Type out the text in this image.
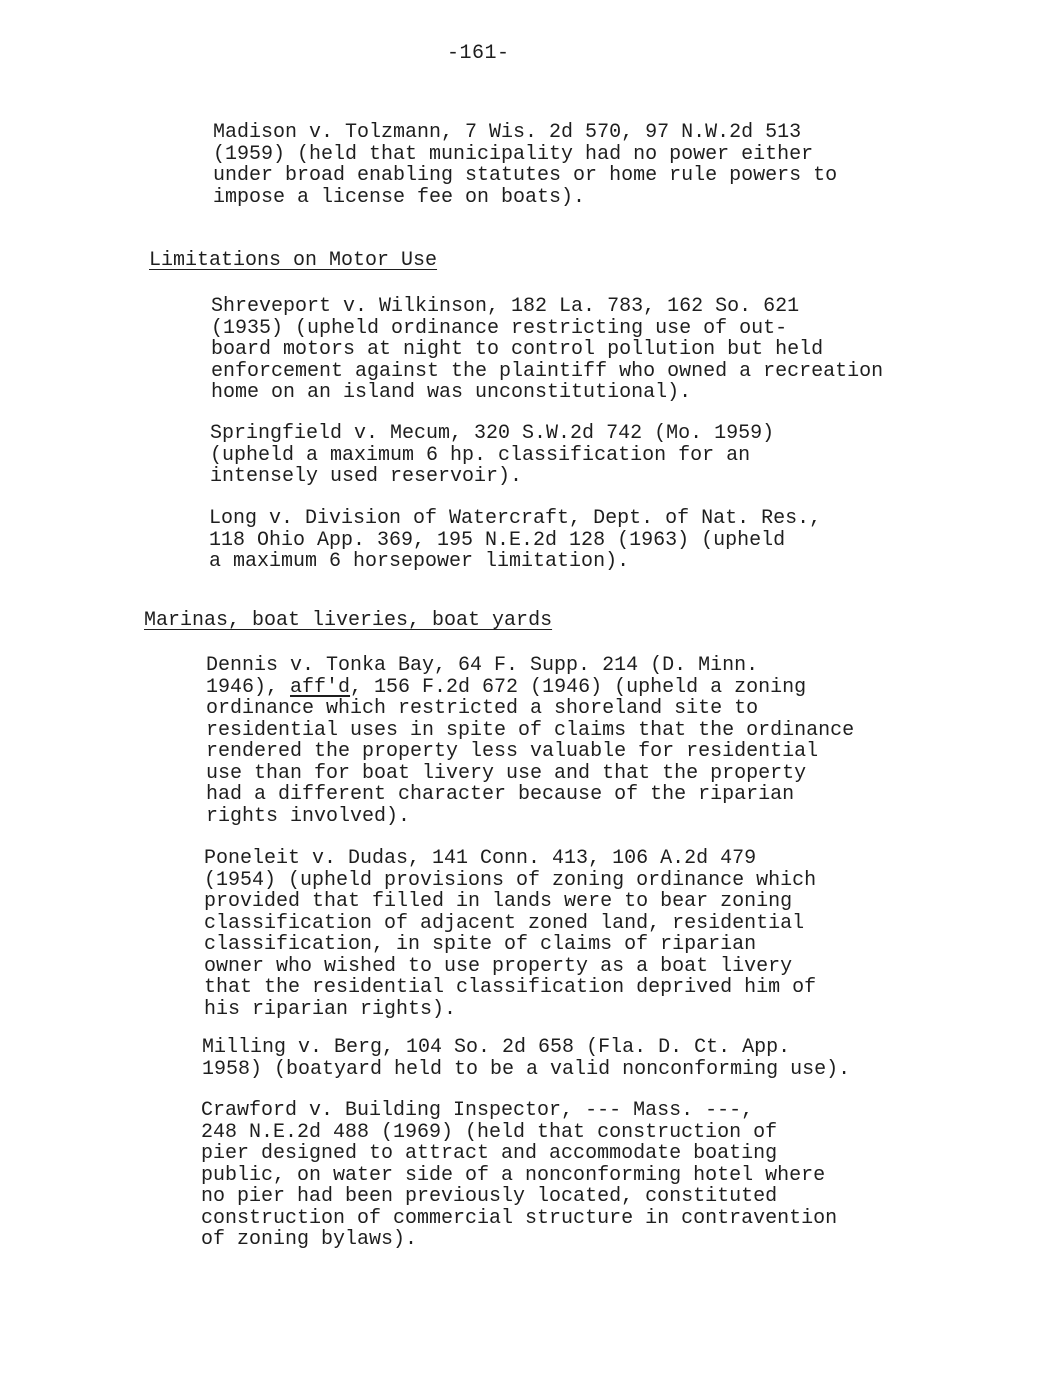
-161-
Madison v. Tolzmann, 7 Wis. 2d 570, 97 N.W.2d 513
(1959) (held that municipality had no power either
under broad enabling statutes or home rule powers to
impose a license fee on boats).
Limitations on Motor Use
Shreveport v. Wilkinson, 182 La. 783, 162 So. 621
(1935) (upheld ordinance restricting use of out-
board motors at night to control pollution but held
enforcement against the plaintiff who owned a recreation
home on an island was unconstitutional).
Springfield v. Mecum, 320 S.W.2d 742 (Mo. 1959)
(upheld a maximum 6 hp. classification for an
intensely used reservoir).
Long v. Division of Watercraft, Dept. of Nat. Res.,
118 Ohio App. 369, 195 N.E.2d 128 (1963) (upheld
a maximum 6 horsepower limitation).
Marinas, boat liveries, boat yards
Dennis v. Tonka Bay, 64 F. Supp. 214 (D. Minn.
1946), aff'd, 156 F.2d 672 (1946) (upheld a zoning
ordinance which restricted a shoreland site to
residential uses in spite of claims that the ordinance
rendered the property less valuable for residential
use than for boat livery use and that the property
had a different character because of the riparian
rights involved).
Poneleit v. Dudas, 141 Conn. 413, 106 A.2d 479
(1954) (upheld provisions of zoning ordinance which
provided that filled in lands were to bear zoning
classification of adjacent zoned land, residential
classification, in spite of claims of riparian
owner who wished to use property as a boat livery
that the residential classification deprived him of
his riparian rights).
Milling v. Berg, 104 So. 2d 658 (Fla. D. Ct. App.
1958) (boatyard held to be a valid nonconforming use).
Crawford v. Building Inspector, --- Mass. ---,
248 N.E.2d 488 (1969) (held that construction of
pier designed to attract and accommodate boating
public, on water side of a nonconforming hotel where
no pier had been previously located, constituted
construction of commercial structure in contravention
of zoning bylaws).
